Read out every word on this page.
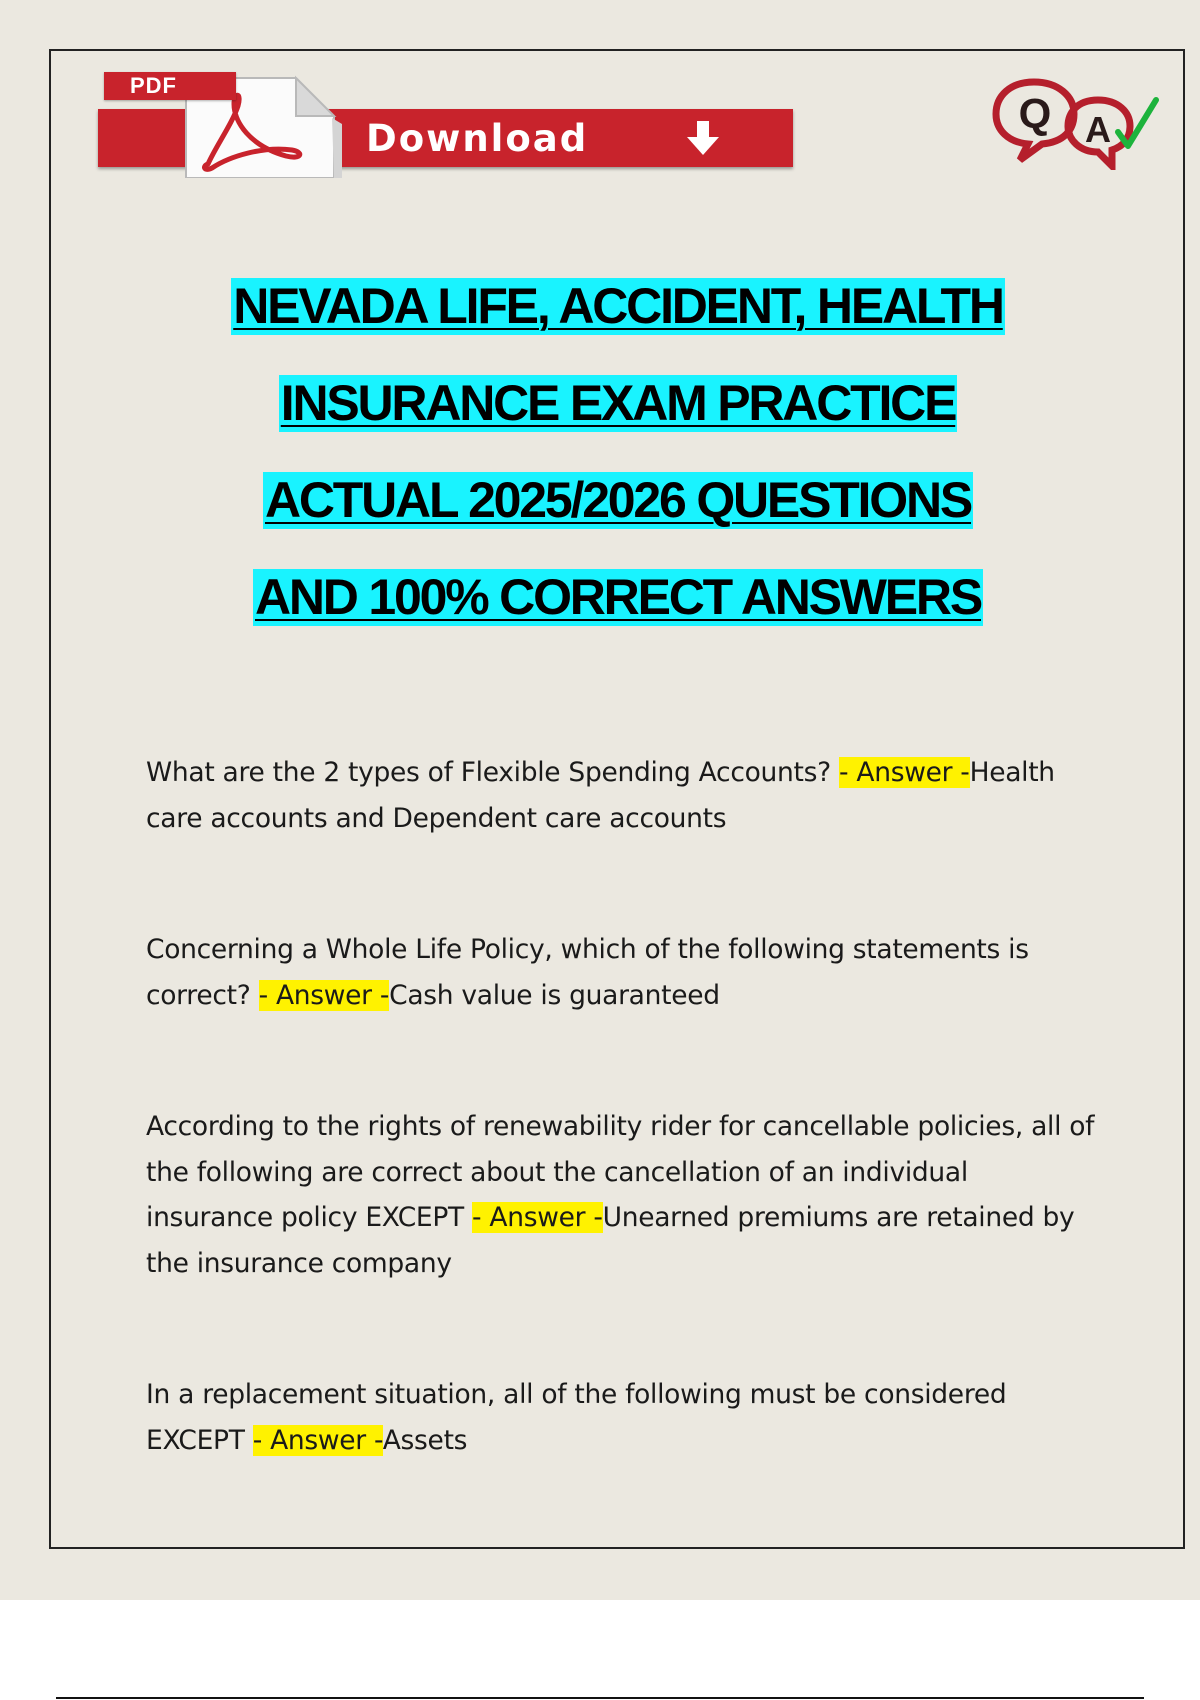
PDF
Download
Q A
NEVADA LIFE, ACCIDENT, HEALTH
INSURANCE EXAM PRACTICE
ACTUAL 2025/2026 QUESTIONS
AND 100% CORRECT ANSWERS

What are the 2 types of Flexible Spending Accounts? - Answer -Health care accounts and Dependent care accounts

Concerning a Whole Life Policy, which of the following statements is correct? - Answer -Cash value is guaranteed

According to the rights of renewability rider for cancellable policies, all of the following are correct about the cancellation of an individual insurance policy EXCEPT - Answer -Unearned premiums are retained by the insurance company

In a replacement situation, all of the following must be considered EXCEPT - Answer -Assets
